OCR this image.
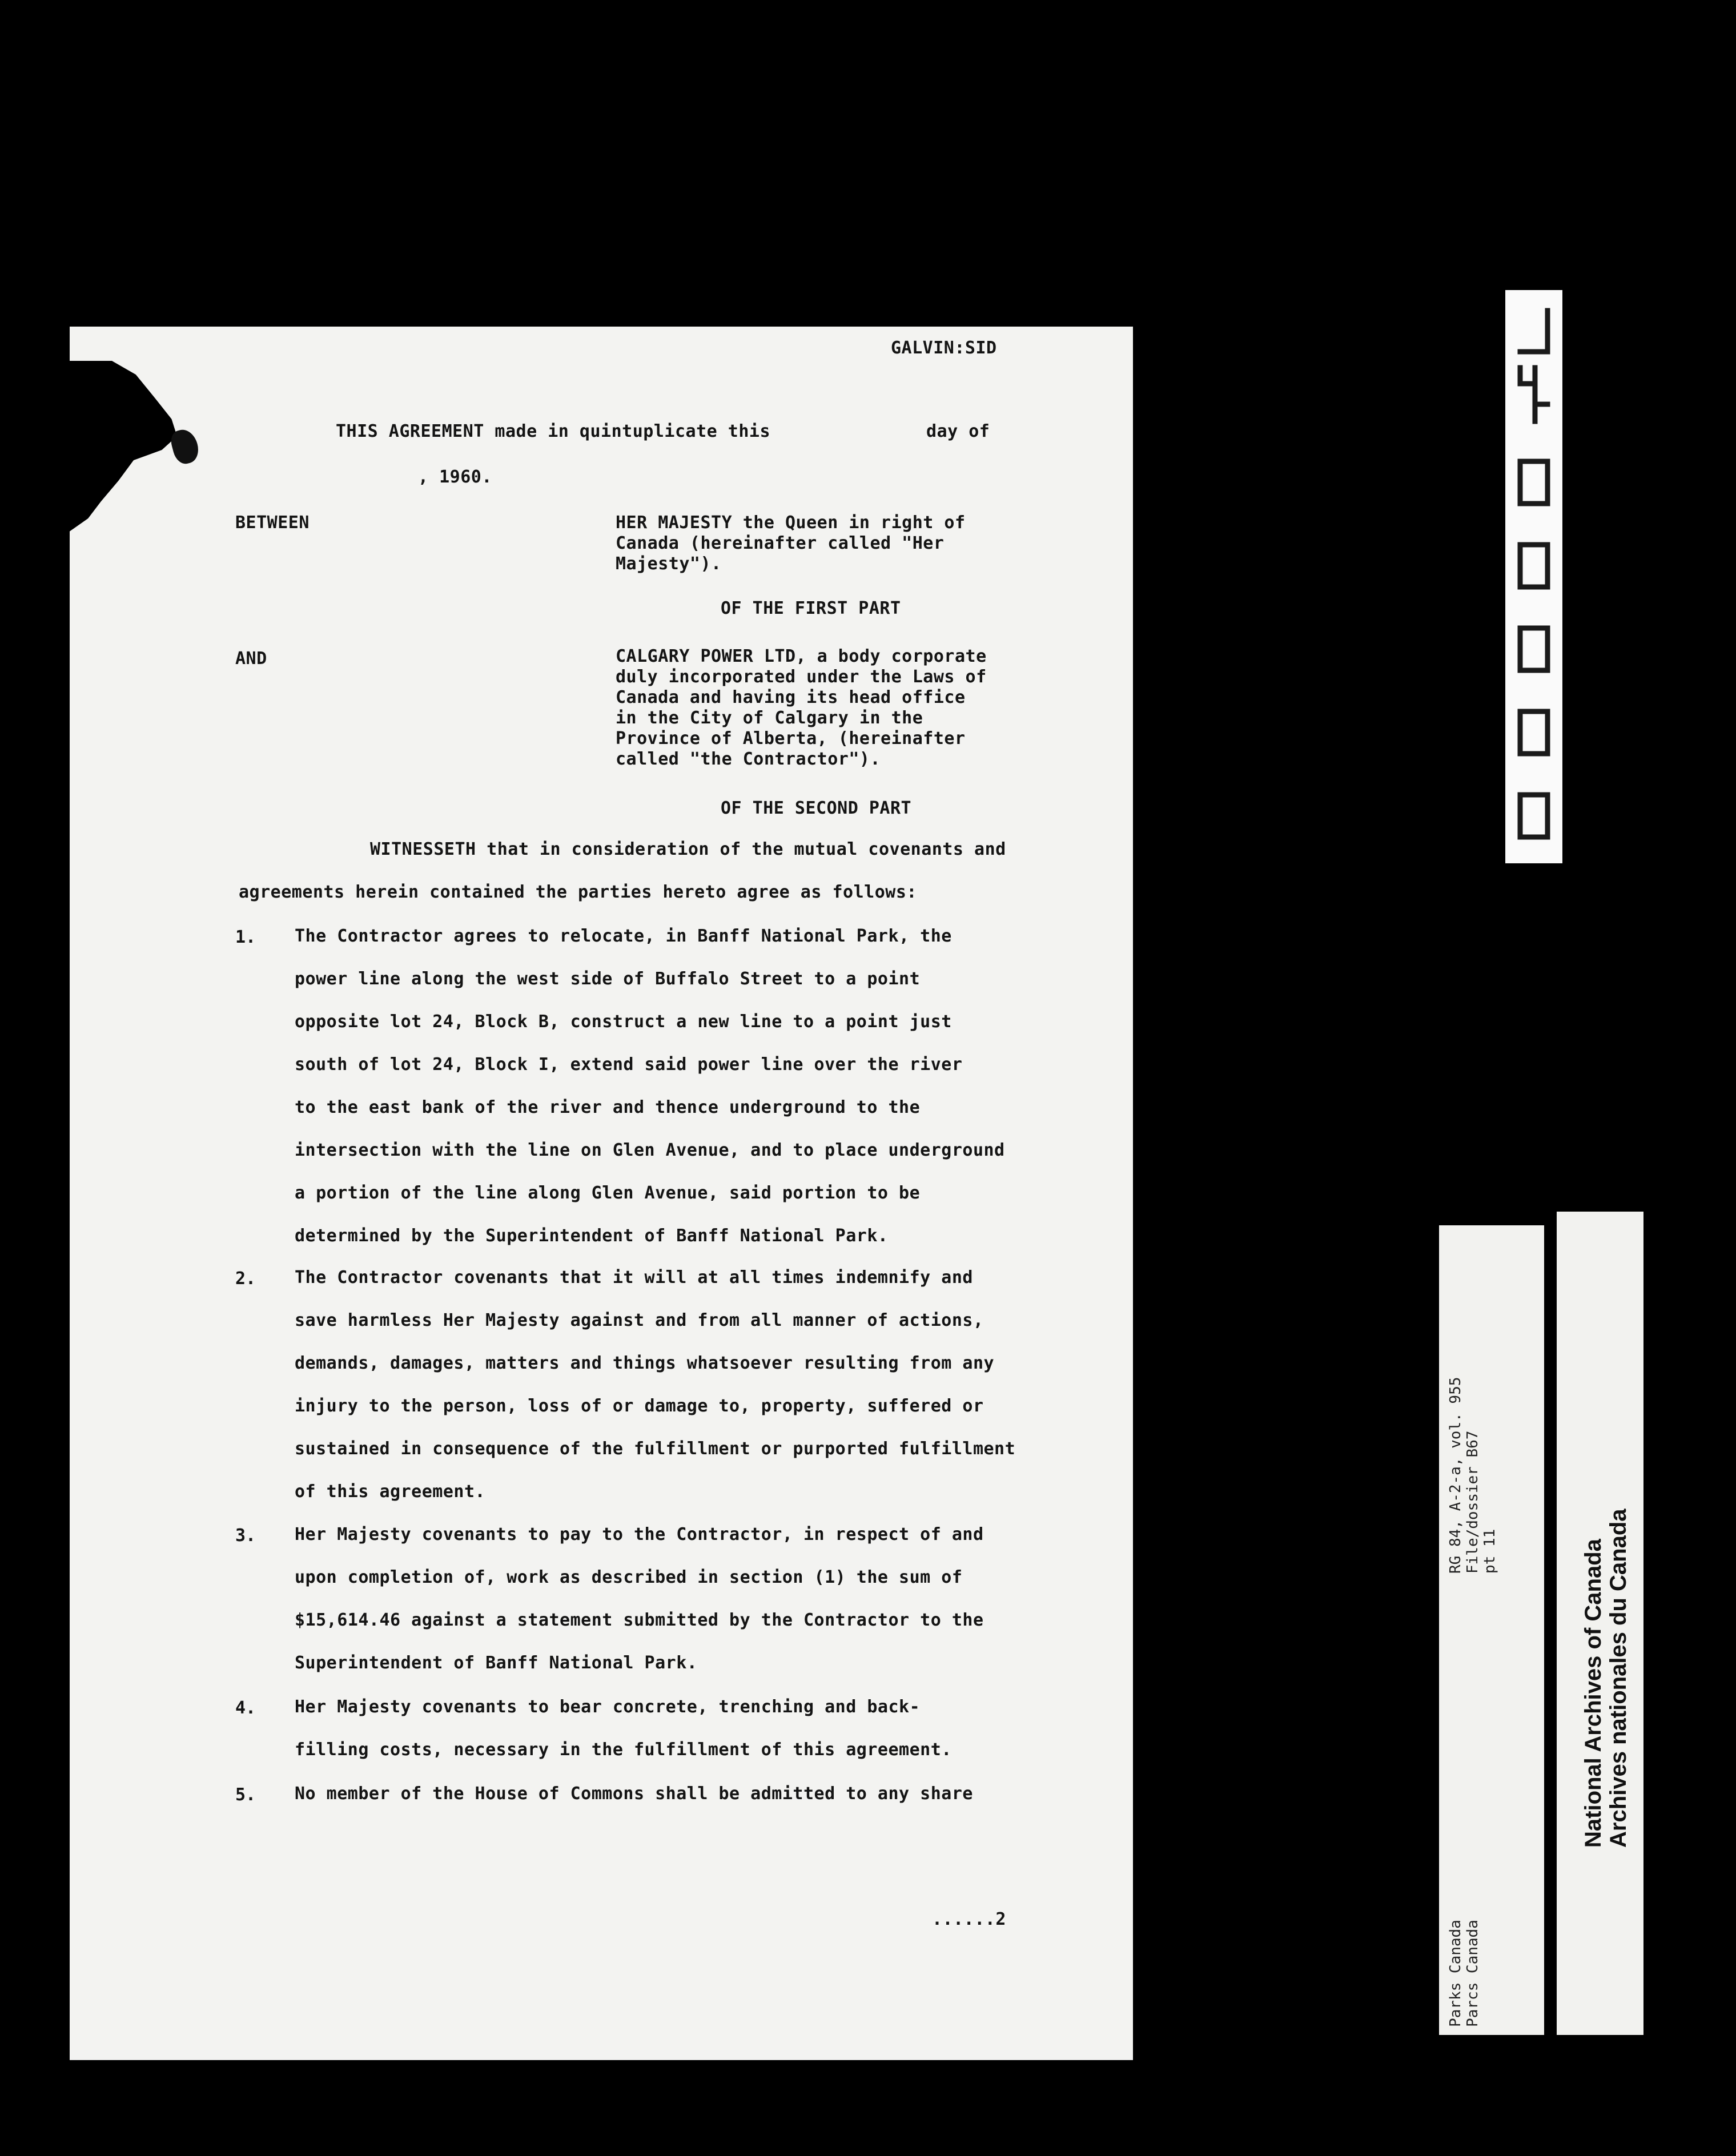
GALVIN:SID

THIS AGREEMENT made in quintuplicate this	day of

, 1960.

BETWEEN	HER MAJESTY the Queen in right of
Canada (hereinafter called "Her
Majesty").

OF THE FIRST PART

AND	CALGARY POWER LTD, a body corporate
duly incorporated under the Laws of
Canada and having its head office
in the City of Calgary in the
Province of Alberta, (hereinafter
called "the Contractor").

OF THE SECOND PART

WITNESSETH that in consideration of the mutual covenants and
agreements herein contained the parties hereto agree as follows:

1. The Contractor agrees to relocate, in Banff National Park, the
power line along the west side of Buffalo Street to a point
opposite lot 24, Block B, construct a new line to a point just
south of lot 24, Block I, extend said power line over the river
to the east bank of the river and thence underground to the
intersection with the line on Glen Avenue, and to place underground
a portion of the line along Glen Avenue, said portion to be
determined by the Superintendent of Banff National Park.

2. The Contractor covenants that it will at all times indemnify and
save harmless Her Majesty against and from all manner of actions,
demands, damages, matters and things whatsoever resulting from any
injury to the person, loss of or damage to, property, suffered or
sustained in consequence of the fulfillment or purported fulfillment
of this agreement.

3. Her Majesty covenants to pay to the Contractor, in respect of and
upon completion of, work as described in section (1) the sum of
$15,614.46 against a statement submitted by the Contractor to the
Superintendent of Banff National Park.

4. Her Majesty covenants to bear concrete, trenching and back-
filling costs, necessary in the fulfillment of this agreement.

5. No member of the House of Commons shall be admitted to any share

......2

RG 84, A-2-a, vol. 955 File/dossier B67 pt 11
Parks Canada Parcs Canada
National Archives of Canada Archives nationales du Canada
